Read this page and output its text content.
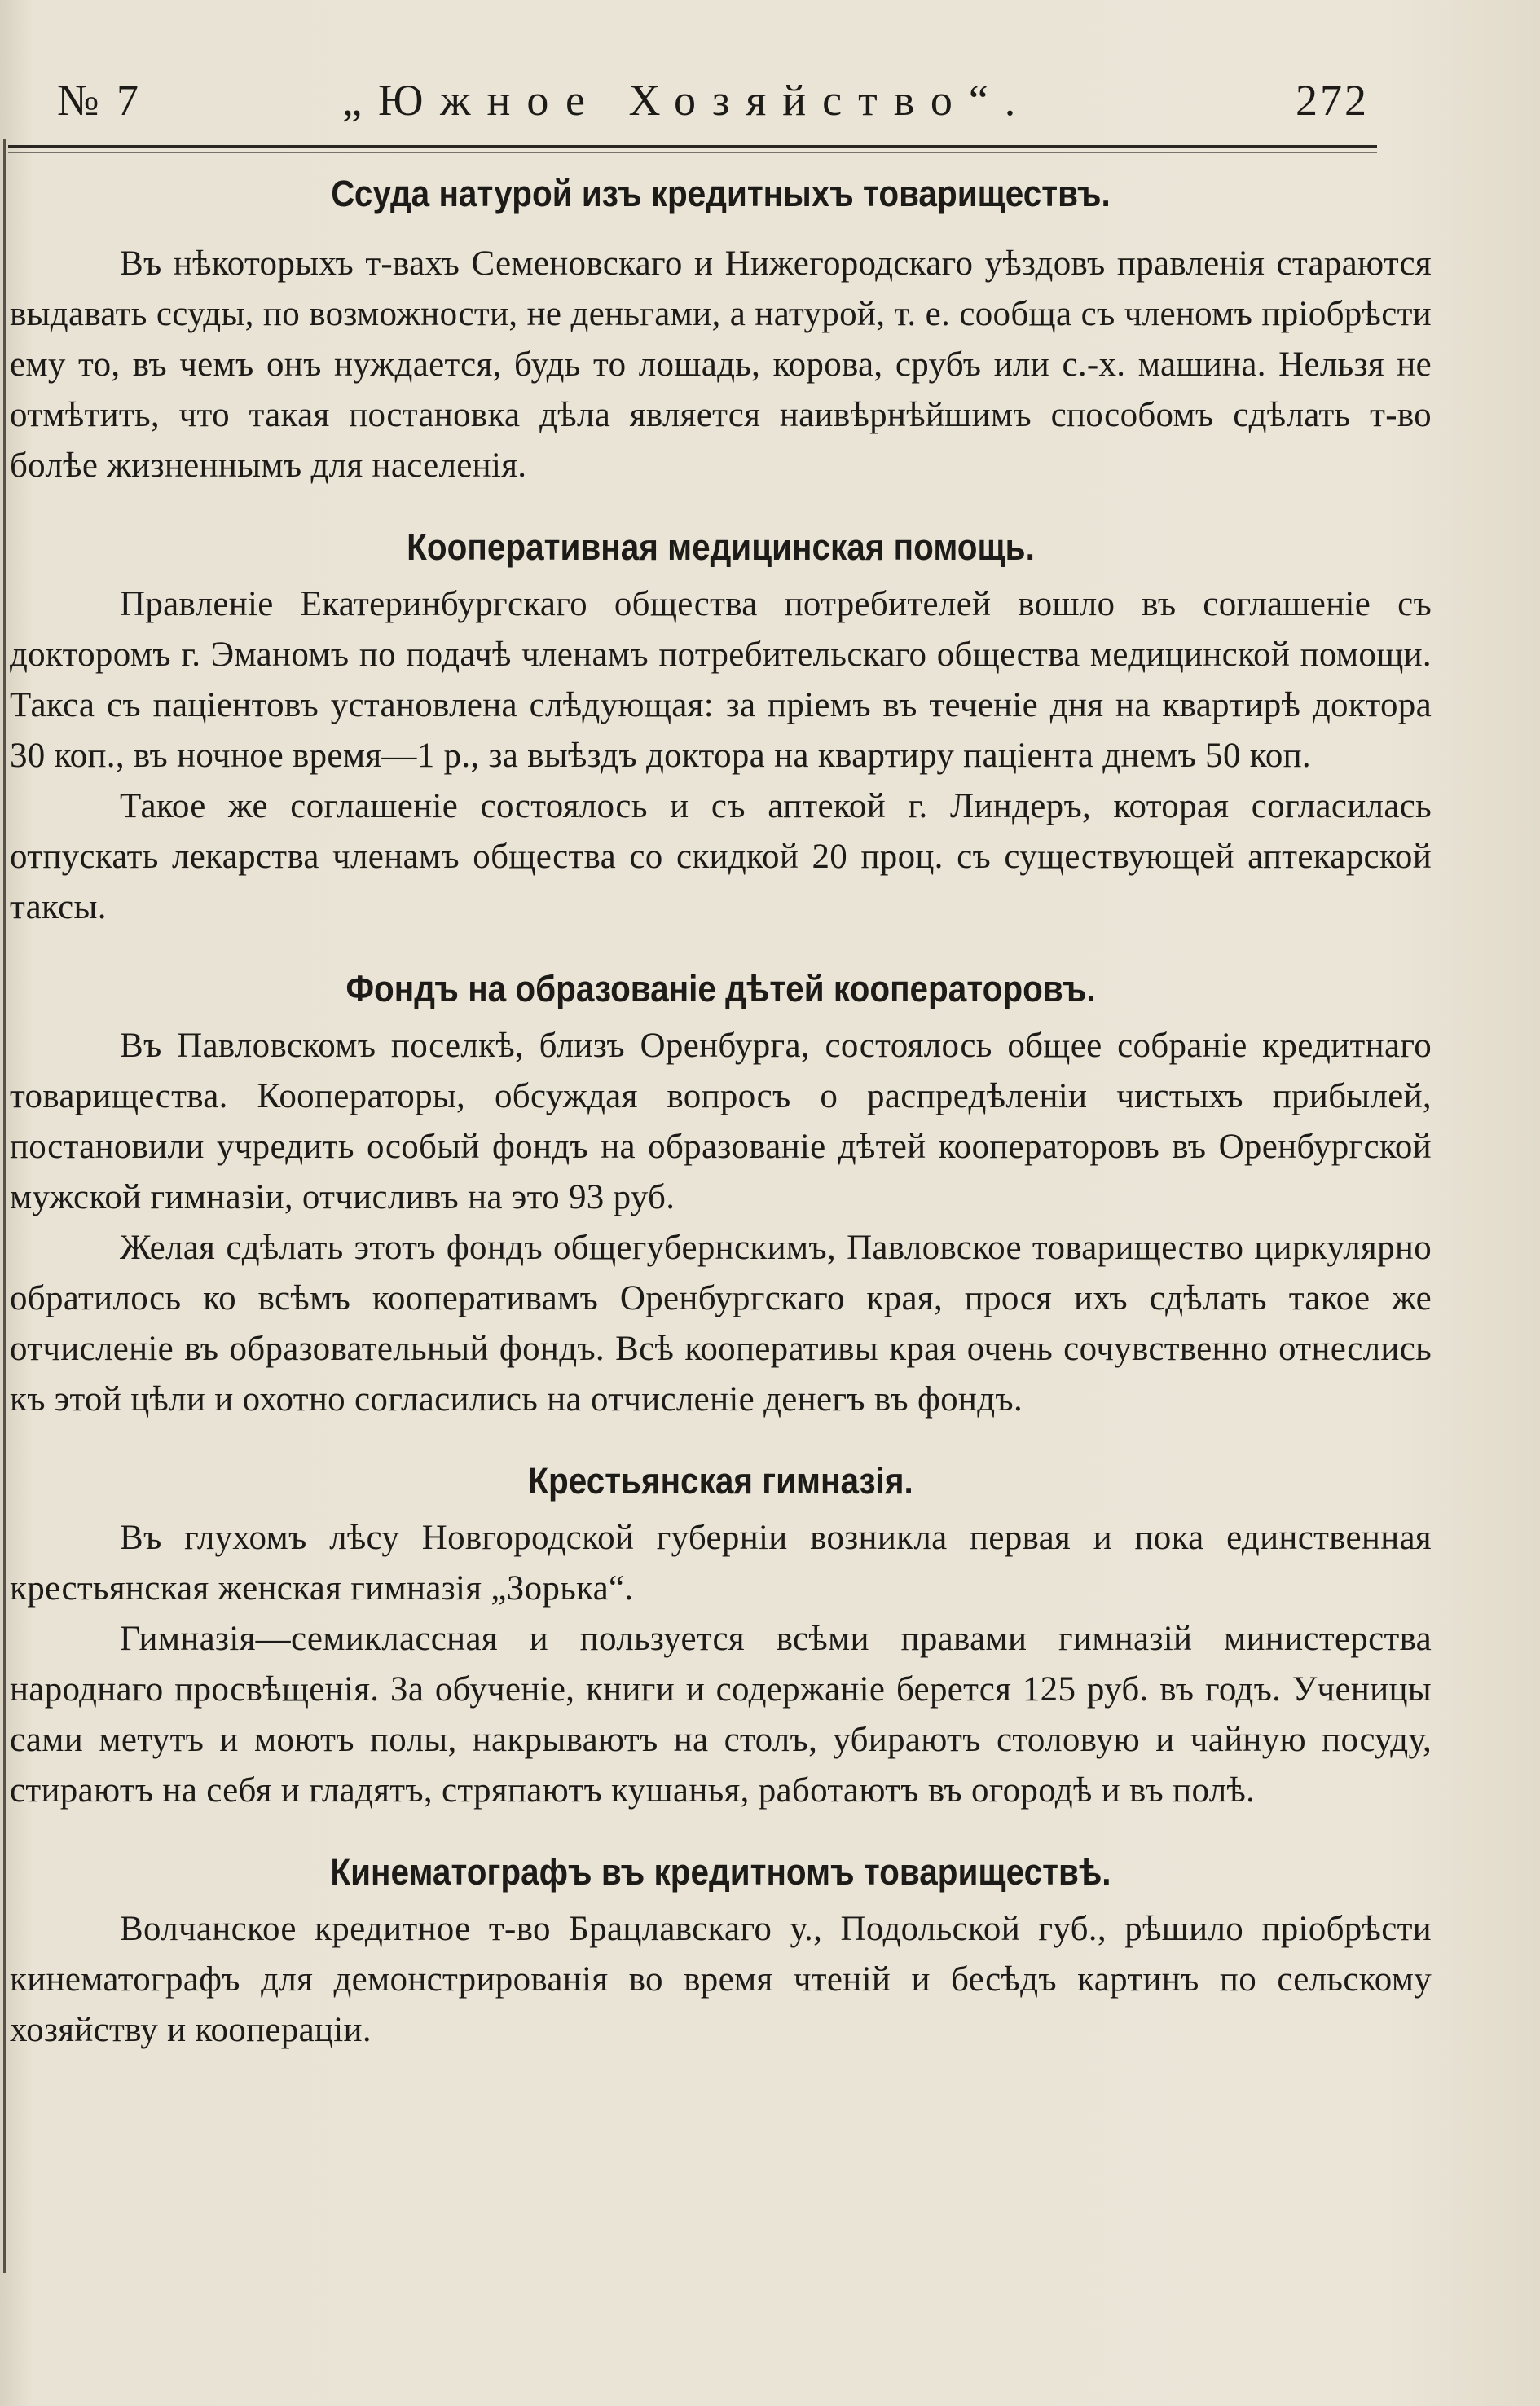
№ 7	„Южное Хозяйство“.	272
Ссуда натурой изъ кредитныхъ товариществъ.

Въ нѣкоторыхъ т-вахъ Семеновскаго и Нижегородскаго уѣздовъ правленія стараются выдавать ссуды, по возможности, не деньгами, а натурой, т. е. сообща съ членомъ пріобрѣсти ему то, въ чемъ онъ нуждается, будь то лошадь, корова, срубъ или с.-х. машина. Нельзя не отмѣтить, что такая постановка дѣла является наивѣрнѣйшимъ способомъ сдѣлать т-во болѣе жизненнымъ для населенія.

Кооперативная медицинская помощь.

Правленіе Екатеринбургскаго общества потребителей вошло въ соглашеніе съ докторомъ г. Эманомъ по подачѣ членамъ потребительскаго общества медицинской помощи. Такса съ паціентовъ установлена слѣдующая: за пріемъ въ теченіе дня на квартирѣ доктора 30 коп., въ ночное время—1 р., за выѣздъ доктора на квартиру паціента днемъ 50 коп.

Такое же соглашеніе состоялось и съ аптекой г. Линдеръ, которая согласилась отпускать лекарства членамъ общества со скидкой 20 проц. съ существующей аптекарской таксы.

Фондъ на образованіе дѣтей кооператоровъ.

Въ Павловскомъ поселкѣ, близъ Оренбурга, состоялось общее собраніе кредитнаго товарищества. Кооператоры, обсуждая вопросъ о распредѣленіи чистыхъ прибылей, постановили учредить особый фондъ на образованіе дѣтей кооператоровъ въ Оренбургской мужской гимназіи, отчисливъ на это 93 руб.

Желая сдѣлать этотъ фондъ общегубернскимъ, Павловское товарищество циркулярно обратилось ко всѣмъ кооперативамъ Оренбургскаго края, прося ихъ сдѣлать такое же отчисленіе въ образовательный фондъ. Всѣ кооперативы края очень сочувственно отнеслись къ этой цѣли и охотно согласились на отчисленіе денегъ въ фондъ.

Крестьянская гимназія.

Въ глухомъ лѣсу Новгородской губерніи возникла первая и пока единственная крестьянская женская гимназія „Зорька“.

Гимназія—семиклассная и пользуется всѣми правами гимназій министерства народнаго просвѣщенія. За обученіе, книги и содержаніе берется 125 руб. въ годъ. Ученицы сами метутъ и моютъ полы, накрываютъ на столъ, убираютъ столовую и чайную посуду, стираютъ на себя и гладятъ, стряпаютъ кушанья, работаютъ въ огородѣ и въ полѣ.

Кинематографъ въ кредитномъ товариществѣ.

Волчанское кредитное т-во Брацлавскаго у., Подольской губ., рѣшило пріобрѣсти кинематографъ для демонстрированія во время чтеній и бесѣдъ картинъ по сельскому хозяйству и коопераціи.
